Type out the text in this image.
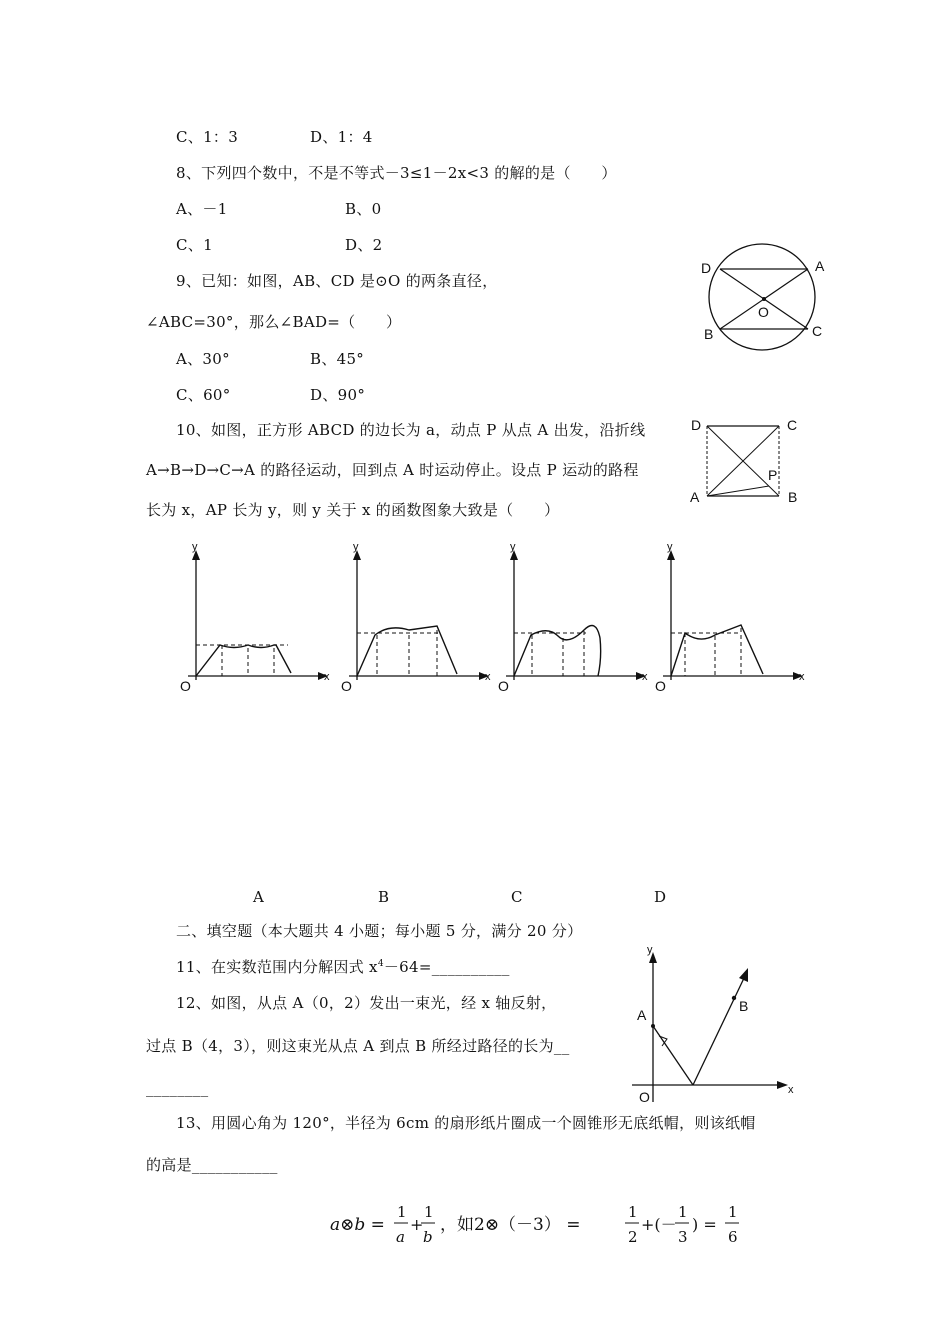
C、1：3	D、1：4
8、下列四个数中，不是不等式－3≤1－2x<3 的解的是（　　）
A、－1	B、0
C、1	D、2
9、已知：如图，AB、CD 是⊙O 的两条直径，
∠ABC=30°，那么∠BAD=（　　）
A、30°	B、45°
C、60°	D、90°
D	A
O
B	C
10、如图，正方形 ABCD 的边长为 a，动点 P 从点 A 出发，沿折线
A→B→D→C→A 的路径运动，回到点 A 时运动停止。设点 P 运动的路程
长为 x，AP 长为 y，则 y 关于 x 的函数图象大致是（　　）
D	C
P
A	B
y
x
O
y
x
O
y
x
O
y
x
O
A	B	C	D
二、填空题（本大题共 4 小题；每小题 5 分，满分 20 分）
11、在实数范围内分解因式 $x^4-64=\_\_\_\_\_\_\_\_\_\_$
12、如图，从点 A（0，2）发出一束光，经 x 轴反射，
过点 B（4，3），则这束光从点 A 到点 B 所经过路径的长为__
________
y
A
B
O	x
13、用圆心角为 120°，半径为 6cm 的扇形纸片圈成一个圆锥形无底纸帽，则该纸帽
的高是___________
a⊗b =
1
a
+
1
b
，如2⊗（－3） =
1
2
+(－
1
3
) =
1
6
